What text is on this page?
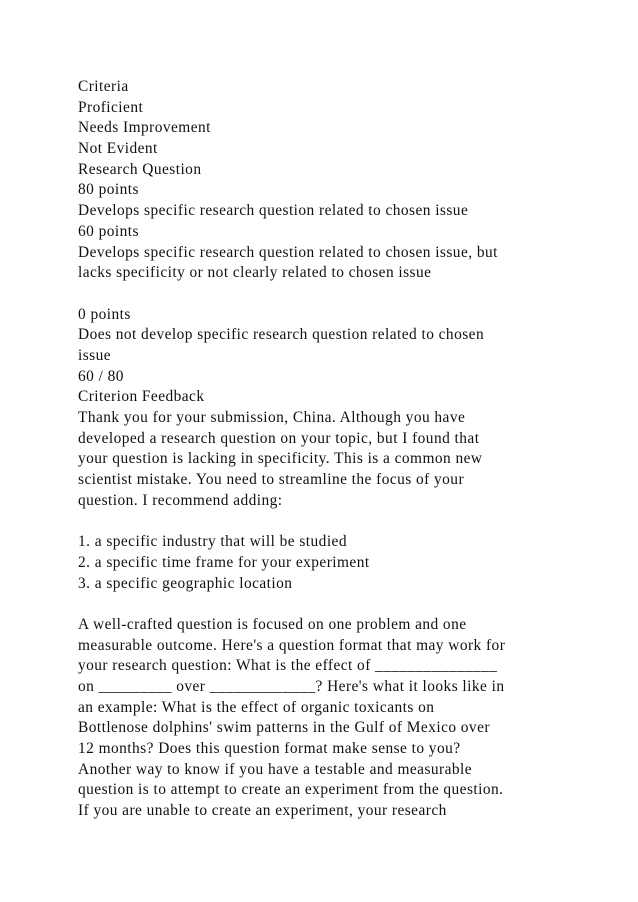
Criteria
Proficient
Needs Improvement
Not Evident
Research Question
80 points
Develops specific research question related to chosen issue
60 points
Develops specific research question related to chosen issue, but
lacks specificity or not clearly related to chosen issue
0 points
Does not develop specific research question related to chosen
issue
60 / 80
Criterion Feedback
Thank you for your submission, China. Although you have
developed a research question on your topic, but I found that
your question is lacking in specificity. This is a common new
scientist mistake. You need to streamline the focus of your
question. I recommend adding:
1. a specific industry that will be studied
2. a specific time frame for your experiment
3. a specific geographic location
A well-crafted question is focused on one problem and one
measurable outcome. Here's a question format that may work for
your research question: What is the effect of _______________
on _________ over _____________? Here's what it looks like in
an example: What is the effect of organic toxicants on
Bottlenose dolphins' swim patterns in the Gulf of Mexico over
12 months? Does this question format make sense to you?
Another way to know if you have a testable and measurable
question is to attempt to create an experiment from the question.
If you are unable to create an experiment, your research
